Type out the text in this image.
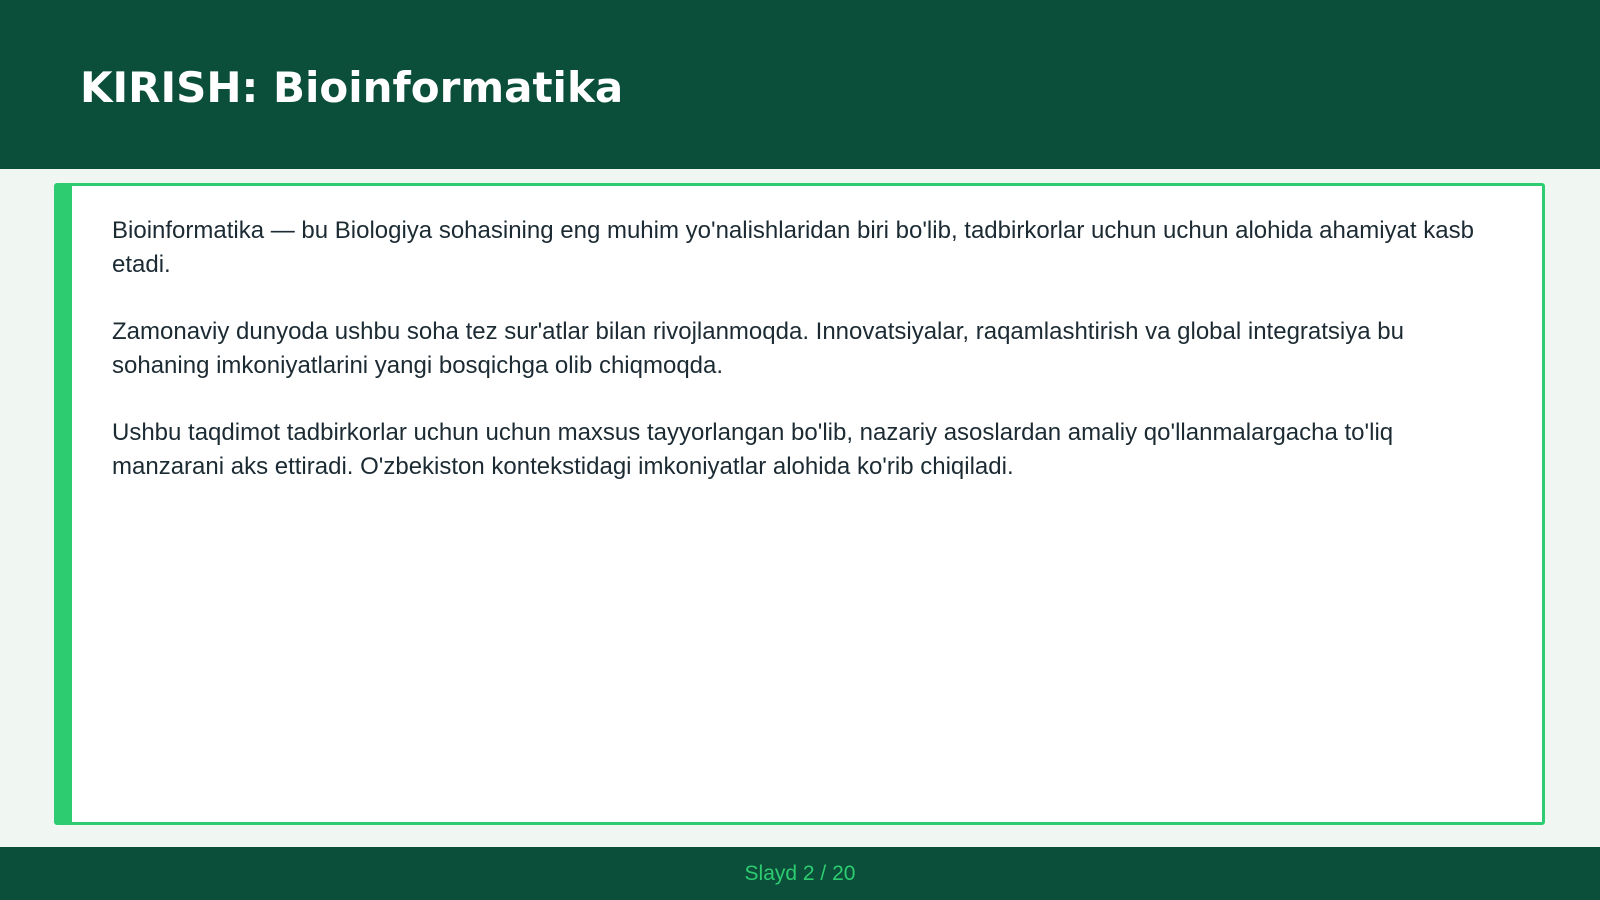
KIRISH: Bioinformatika

Bioinformatika — bu Biologiya sohasining eng muhim yo'nalishlaridan biri bo'lib, tadbirkorlar uchun uchun alohida ahamiyat kasb etadi.

Zamonaviy dunyoda ushbu soha tez sur'atlar bilan rivojlanmoqda. Innovatsiyalar, raqamlashtirish va global integratsiya bu sohaning imkoniyatlarini yangi bosqichga olib chiqmoqda.

Ushbu taqdimot tadbirkorlar uchun uchun maxsus tayyorlangan bo'lib, nazariy asoslardan amaliy qo'llanmalargacha to'liq manzarani aks ettiradi. O'zbekiston kontekstidagi imkoniyatlar alohida ko'rib chiqiladi.

Slayd 2 / 20
